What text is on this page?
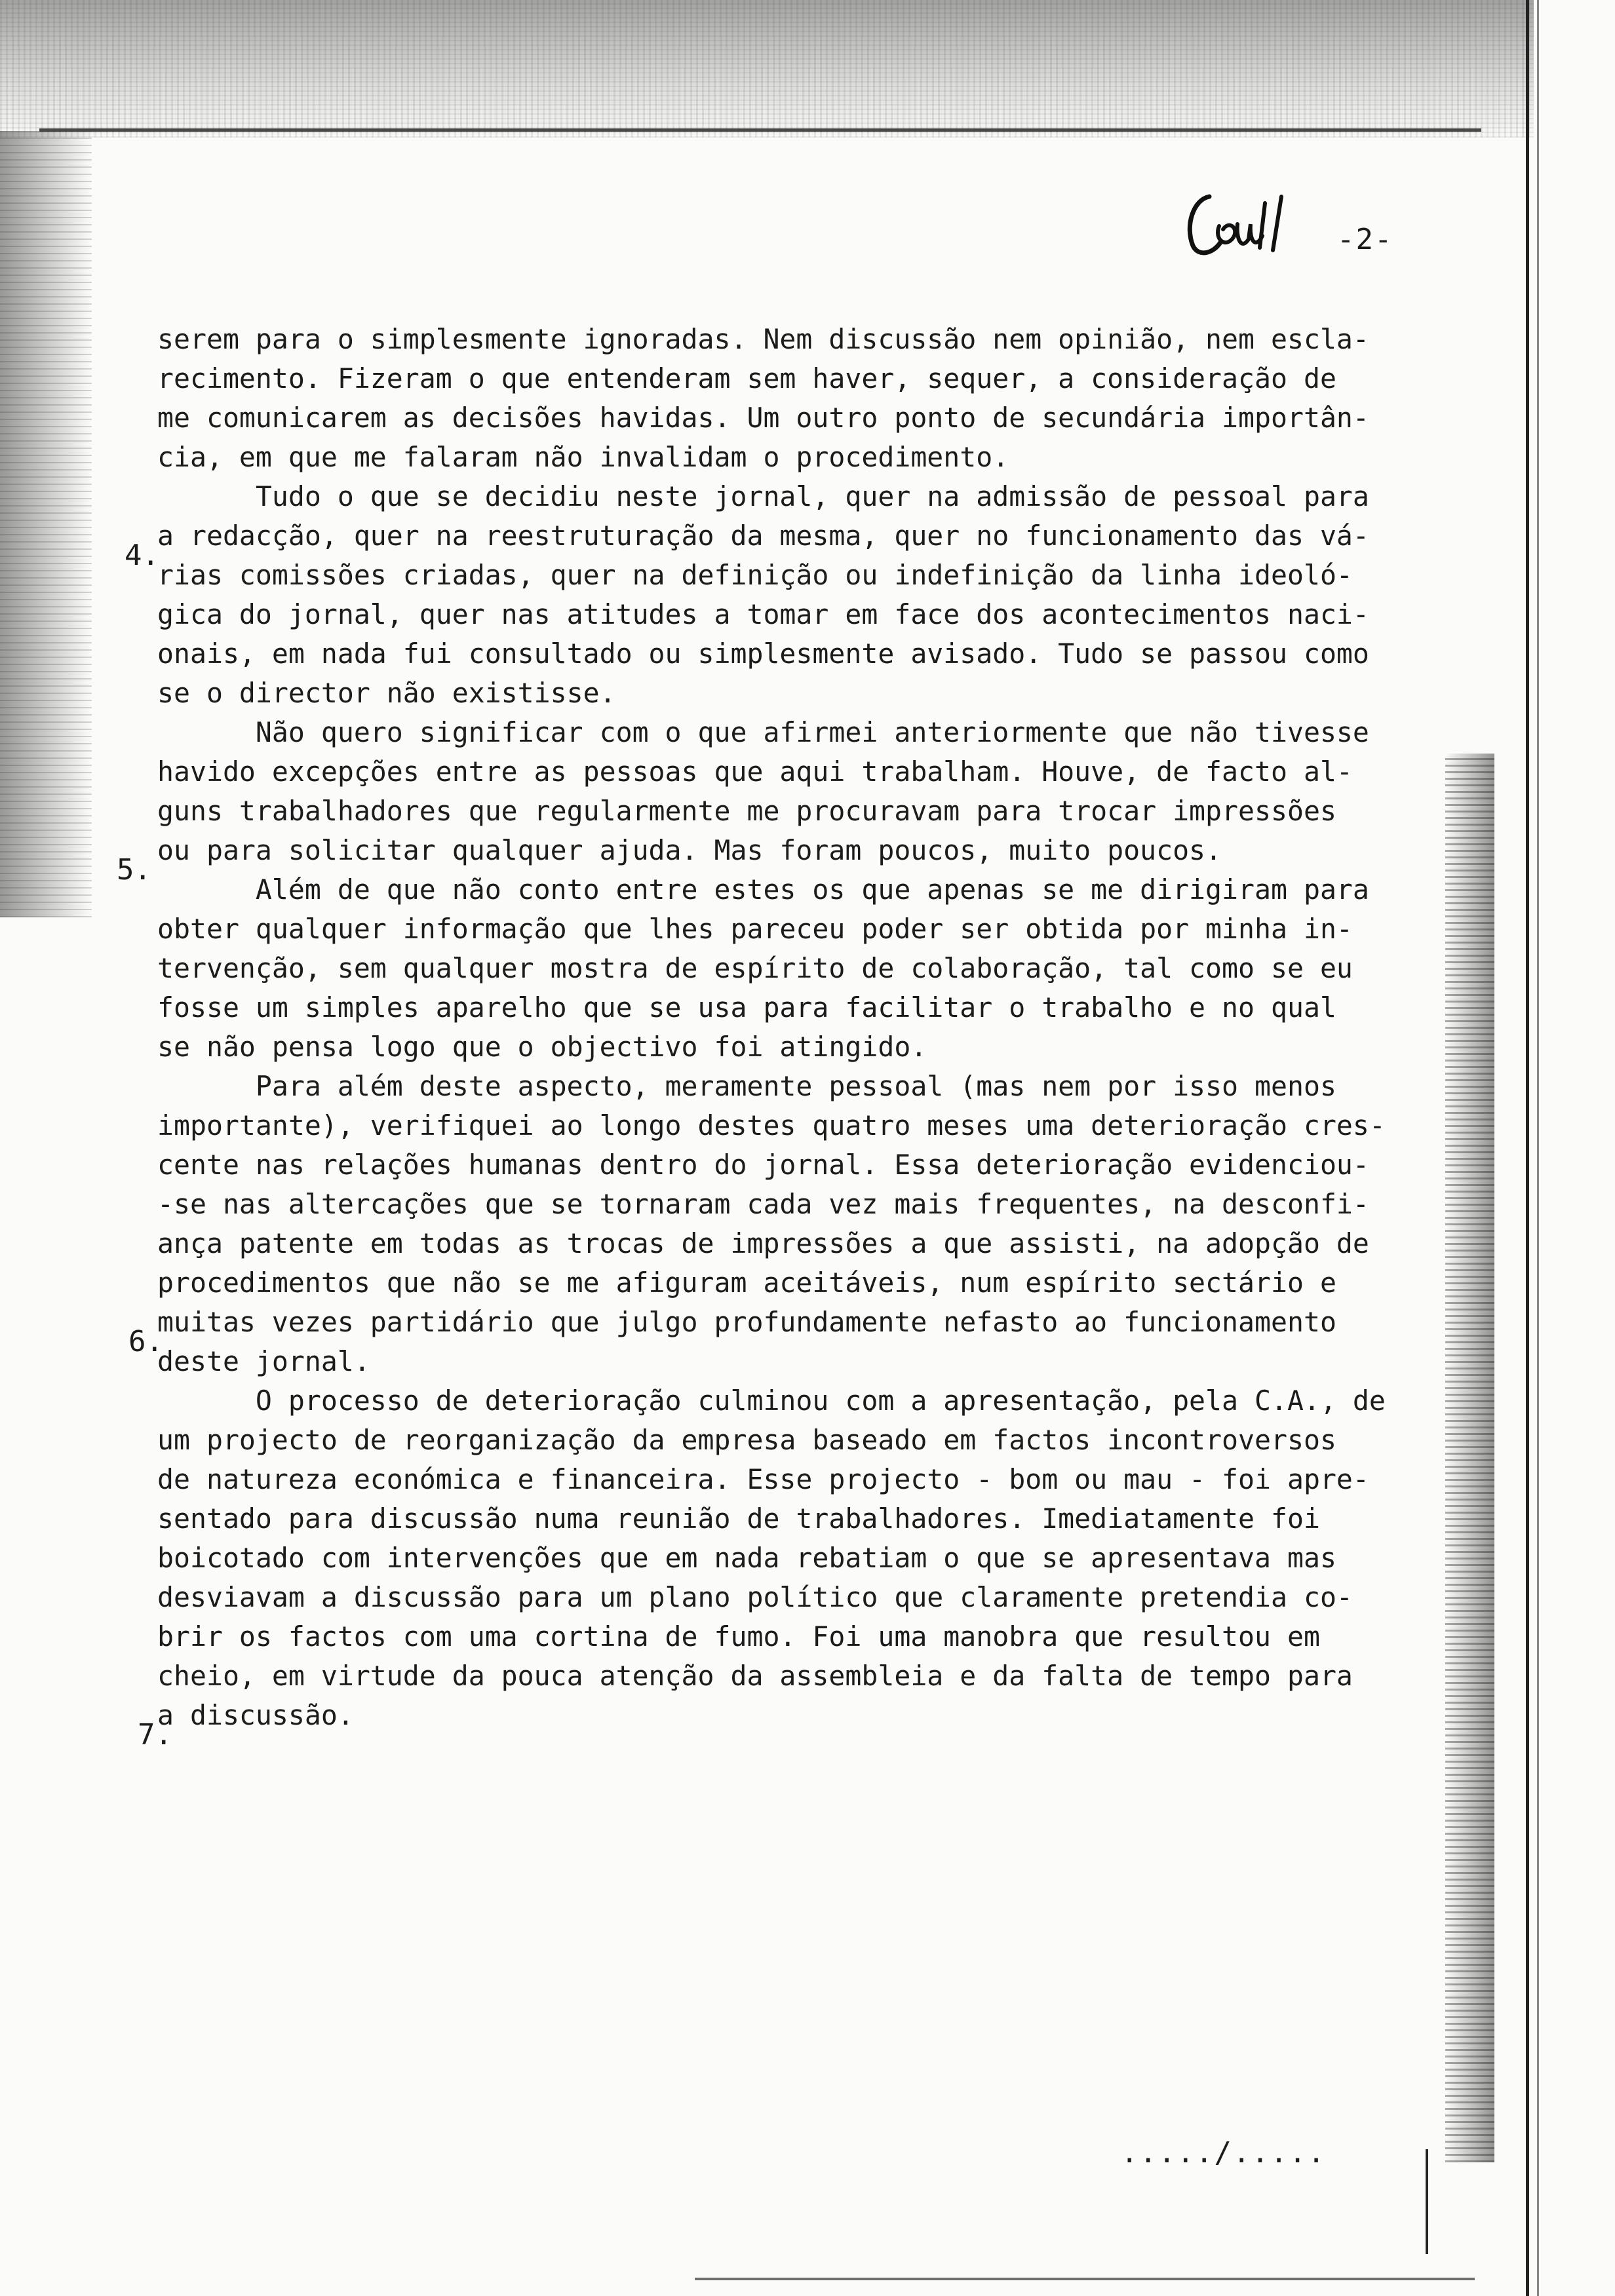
-2-
4.
5.
6.
7.
serem para o simplesmente ignoradas. Nem discussão nem opinião, nem escla-
recimento. Fizeram o que entenderam sem haver, sequer, a consideração de
me comunicarem as decisões havidas. Um outro ponto de secundária importân-
cia, em que me falaram não invalidam o procedimento.
Tudo o que se decidiu neste jornal, quer na admissão de pessoal para
a redacção, quer na reestruturação da mesma, quer no funcionamento das vá-
rias comissões criadas, quer na definição ou indefinição da linha ideoló-
gica do jornal, quer nas atitudes a tomar em face dos acontecimentos naci-
onais, em nada fui consultado ou simplesmente avisado. Tudo se passou como
se o director não existisse.
Não quero significar com o que afirmei anteriormente que não tivesse
havido excepções entre as pessoas que aqui trabalham. Houve, de facto al-
guns trabalhadores que regularmente me procuravam para trocar impressões
ou para solicitar qualquer ajuda. Mas foram poucos, muito poucos.
Além de que não conto entre estes os que apenas se me dirigiram para
obter qualquer informação que lhes pareceu poder ser obtida por minha in-
tervenção, sem qualquer mostra de espírito de colaboração, tal como se eu
fosse um simples aparelho que se usa para facilitar o trabalho e no qual
se não pensa logo que o objectivo foi atingido.
Para além deste aspecto, meramente pessoal (mas nem por isso menos
importante), verifiquei ao longo destes quatro meses uma deterioração cres-
cente nas relações humanas dentro do jornal. Essa deterioração evidenciou-
-se nas altercações que se tornaram cada vez mais frequentes, na desconfi-
ança patente em todas as trocas de impressões a que assisti, na adopção de
procedimentos que não se me afiguram aceitáveis, num espírito sectário e
muitas vezes partidário que julgo profundamente nefasto ao funcionamento
deste jornal.
O processo de deterioração culminou com a apresentação, pela C.A., de
um projecto de reorganização da empresa baseado em factos incontroversos
de natureza económica e financeira. Esse projecto - bom ou mau - foi apre-
sentado para discussão numa reunião de trabalhadores. Imediatamente foi
boicotado com intervenções que em nada rebatiam o que se apresentava mas
desviavam a discussão para um plano político que claramente pretendia co-
brir os factos com uma cortina de fumo. Foi uma manobra que resultou em
cheio, em virtude da pouca atenção da assembleia e da falta de tempo para
a discussão.
...../.....
